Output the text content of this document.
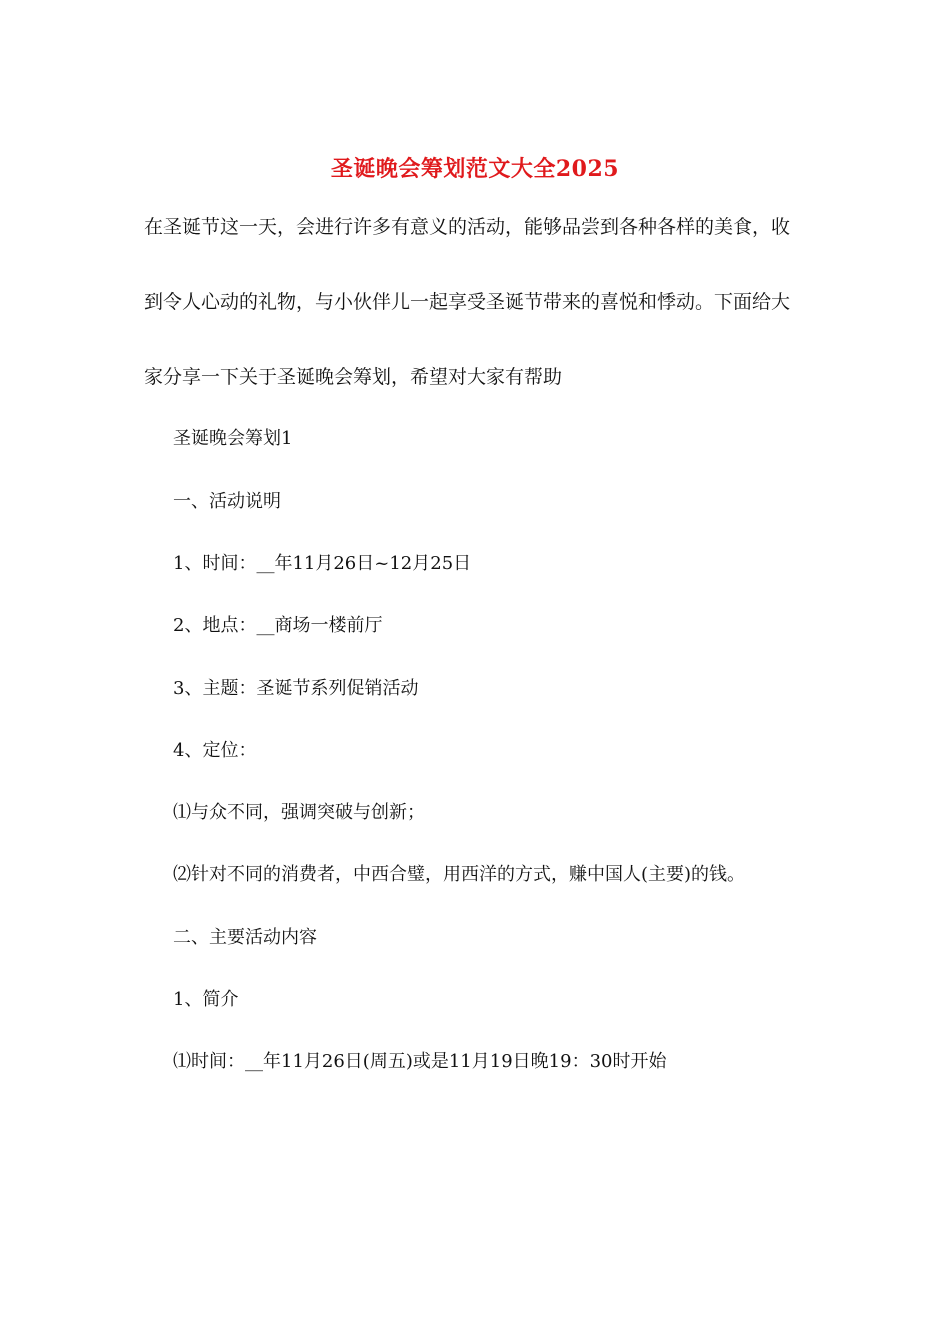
圣诞晚会筹划范文大全2025
在圣诞节这一天，会进行许多有意义的活动，能够品尝到各种各样的美食，收
到令人心动的礼物，与小伙伴儿一起享受圣诞节带来的喜悦和悸动。下面给大
家分享一下关于圣诞晚会筹划，希望对大家有帮助
圣诞晚会筹划1
一、活动说明
1、时间：__年11月26日~12月25日
2、地点：__商场一楼前厅
3、主题：圣诞节系列促销活动
4、定位：
⑴与众不同，强调突破与创新；
⑵针对不同的消费者，中西合璧，用西洋的方式，赚中国人(主要)的钱。
二、主要活动内容
1、简介
⑴时间：__年11月26日(周五)或是11月19日晚19：30时开始
